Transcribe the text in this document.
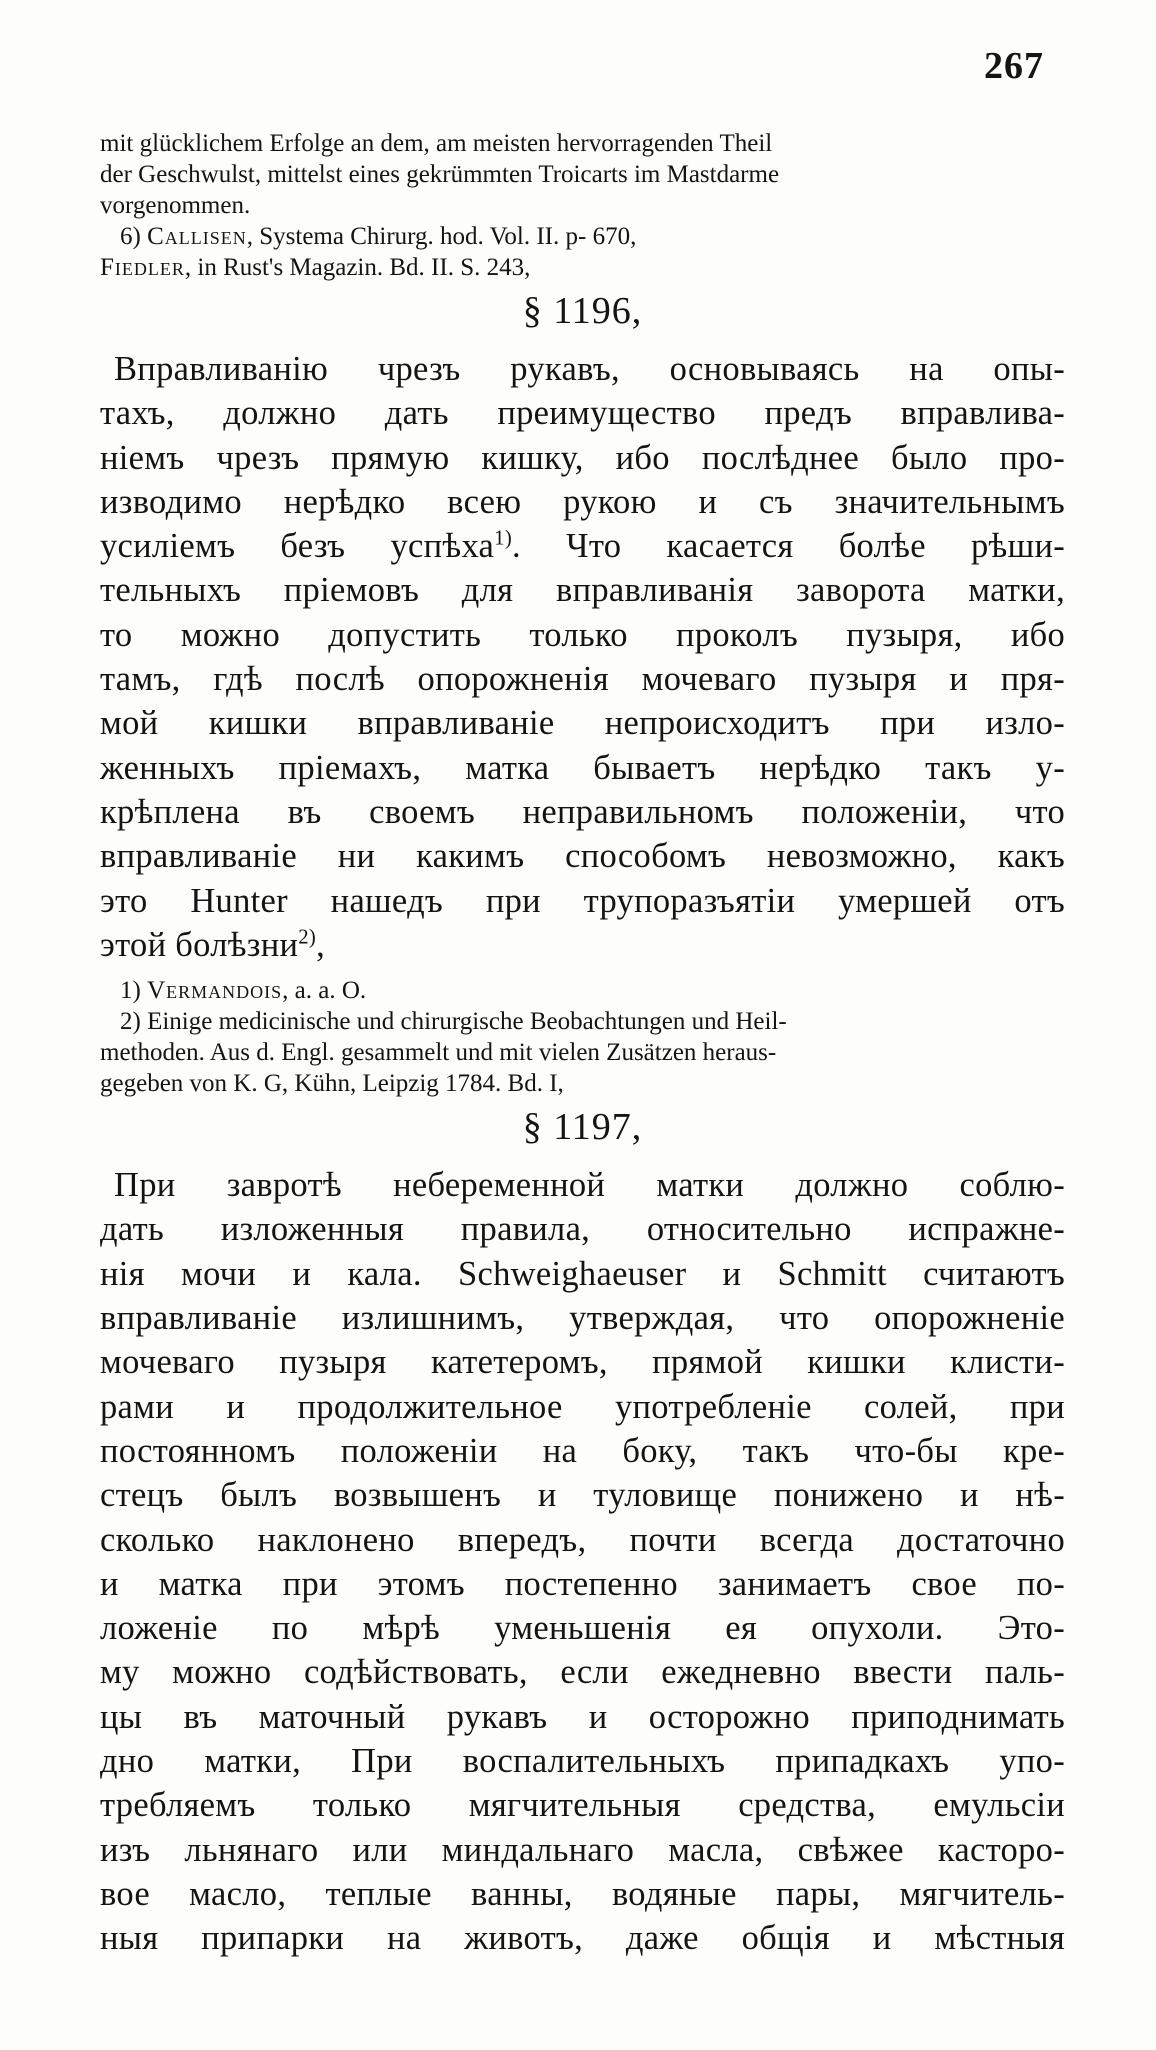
267

mit glücklichem Erfolge an dem, am meisten hervorragenden Theil

der Geschwulst, mittelst eines gekrümmten Troicarts im Mastdarme

vorgenommen.

6) Callisen, Systema Chirurg. hod. Vol. II. p- 670,

Fiedler, in Rust's Magazin. Bd. II. S. 243,

§ 1196,
Вправливанію чрезъ рукавъ, основываясь на опы-
тахъ, должно дать преимущество предъ вправлива-
ніемъ чрезъ прямую кишку, ибо послѣднее было про-
изводимо нерѣдко всею рукою и съ значительнымъ
усиліемъ безъ успѣха$^{1)}$. Что касается болѣе рѣши-
тельныхъ пріемовъ для вправливанія заворота матки,
то можно допустить только проколъ пузыря, ибо
тамъ, гдѣ послѣ опорожненія мочеваго пузыря и пря-
мой кишки вправливаніе непроисходитъ при изло-
женныхъ пріемахъ, матка бываетъ нерѣдко такъ у-
крѣплена въ своемъ неправильномъ положеніи, что
вправливаніе ни какимъ способомъ невозможно, какъ
это Hunter нашедъ при трупоразъятіи умершей отъ
этой болѣзни$^{2)}$,

1) Vermandois, a. a. O.

2) Einige medicinische und chirurgische Beobachtungen und Heil-

methoden. Aus d. Engl. gesammelt und mit vielen Zusätzen heraus-

gegeben von K. G, Kühn, Leipzig 1784. Bd. I,

§ 1197,
При завротѣ небеременной матки должно соблю-
дать изложенныя правила, относительно испражне-
нія мочи и кала. Schweighaeuser и Schmitt считаютъ
вправливаніе излишнимъ, утверждая, что опорожненіе
мочеваго пузыря катетеромъ, прямой кишки клисти-
рами и продолжительное употребленіе солей, при
постоянномъ положеніи на боку, такъ что-бы кре-
стецъ былъ возвышенъ и туловище понижено и нѣ-
сколько наклонено впередъ, почти всегда достаточно
и матка при этомъ постепенно занимаетъ свое по-
ложеніе по мѣрѣ уменьшенія ея опухоли. Это-
му можно содѣйствовать, если ежедневно ввести паль-
цы въ маточный рукавъ и осторожно приподнимать
дно матки, При воспалительныхъ припадкахъ упо-
требляемъ только мягчительныя средства, емульсіи
изъ льнянаго или миндальнаго масла, свѣжее касторо-
вое масло, теплые ванны, водяные пары, мягчитель-
ныя припарки на животъ, даже общія и мѣстныя
